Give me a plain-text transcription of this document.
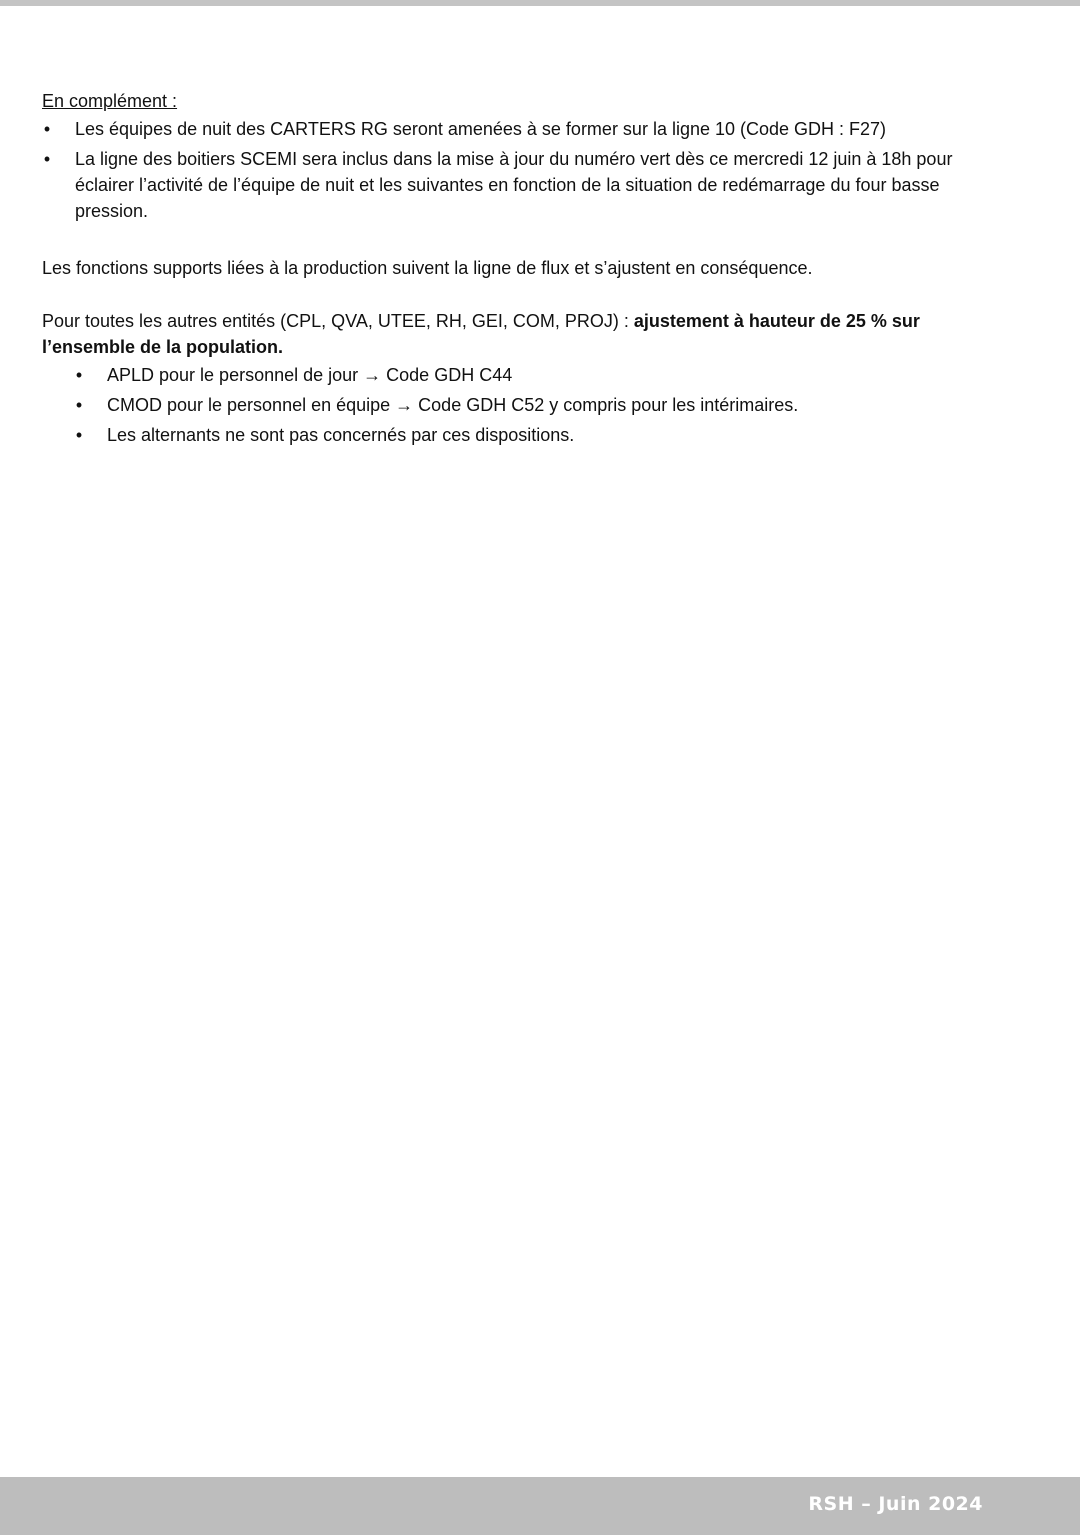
En complément :

• Les équipes de nuit des CARTERS RG seront amenées à se former sur la ligne 10 (Code GDH : F27)
• La ligne des boitiers SCEMI sera inclus dans la mise à jour du numéro vert dès ce mercredi 12 juin à 18h pour éclairer l’activité de l’équipe de nuit et les suivantes en fonction de la situation de redémarrage du four basse pression.

Les fonctions supports liées à la production suivent la ligne de flux et s’ajustent en conséquence.

Pour toutes les autres entités (CPL, QVA, UTEE, RH, GEI, COM, PROJ) : ajustement à hauteur de 25 % sur l’ensemble de la population.

• APLD pour le personnel de jour → Code GDH C44
• CMOD pour le personnel en équipe → Code GDH C52 y compris pour les intérimaires.
• Les alternants ne sont pas concernés par ces dispositions.
RSH – Juin 2024
